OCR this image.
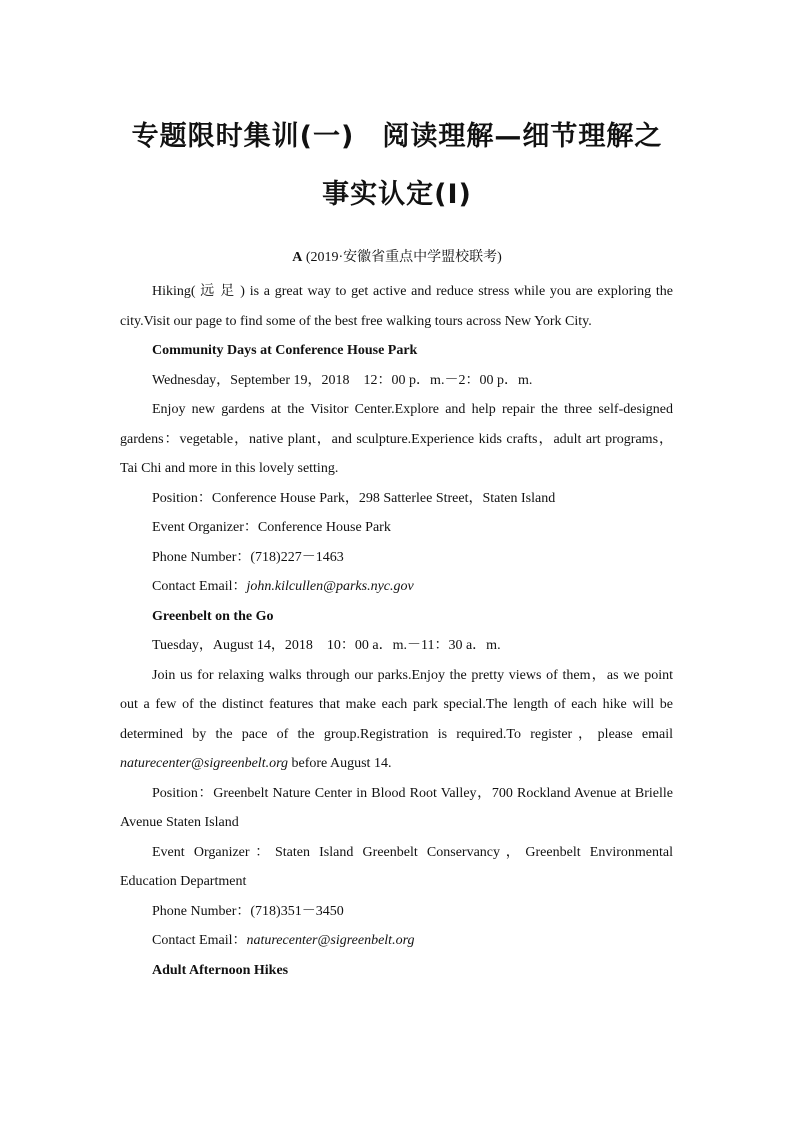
专题限时集训(一)　阅读理解—细节理解之
事实认定(Ⅰ)
A (2019·安徽省重点中学盟校联考)

Hiking( 远 足 ) is a great way to get active and reduce stress while you are exploring the city.Visit our page to find some of the best free walking tours across New York City.

Community Days at Conference House Park

Wednesday，September 19，2018　12：00 p．m.－2：00 p．m.

Enjoy new gardens at the Visitor Center.Explore and help repair the three self-designed gardens：vegetable，native plant，and sculpture.Experience kids crafts，adult art programs，Tai Chi and more in this lovely setting.

Position：Conference House Park，298 Satterlee Street，Staten Island

Event Organizer：Conference House Park

Phone Number：(718)227－1463

Contact Email：john.kilcullen@parks.nyc.gov

Greenbelt on the Go

Tuesday，August 14，2018　10：00 a．m.－11：30 a．m.

Join us for relaxing walks through our parks.Enjoy the pretty views of them，as we point out a few of the distinct features that make each park special.The length of each hike will be determined by the pace of the group.Registration is required.To register，please email naturecenter@sigreenbelt.org before August 14.

Position：Greenbelt Nature Center in Blood Root Valley，700 Rockland Avenue at Brielle Avenue Staten Island

Event Organizer：Staten Island Greenbelt Conservancy，Greenbelt Environmental Education Department

Phone Number：(718)351－3450

Contact Email：naturecenter@sigreenbelt.org

Adult Afternoon Hikes
